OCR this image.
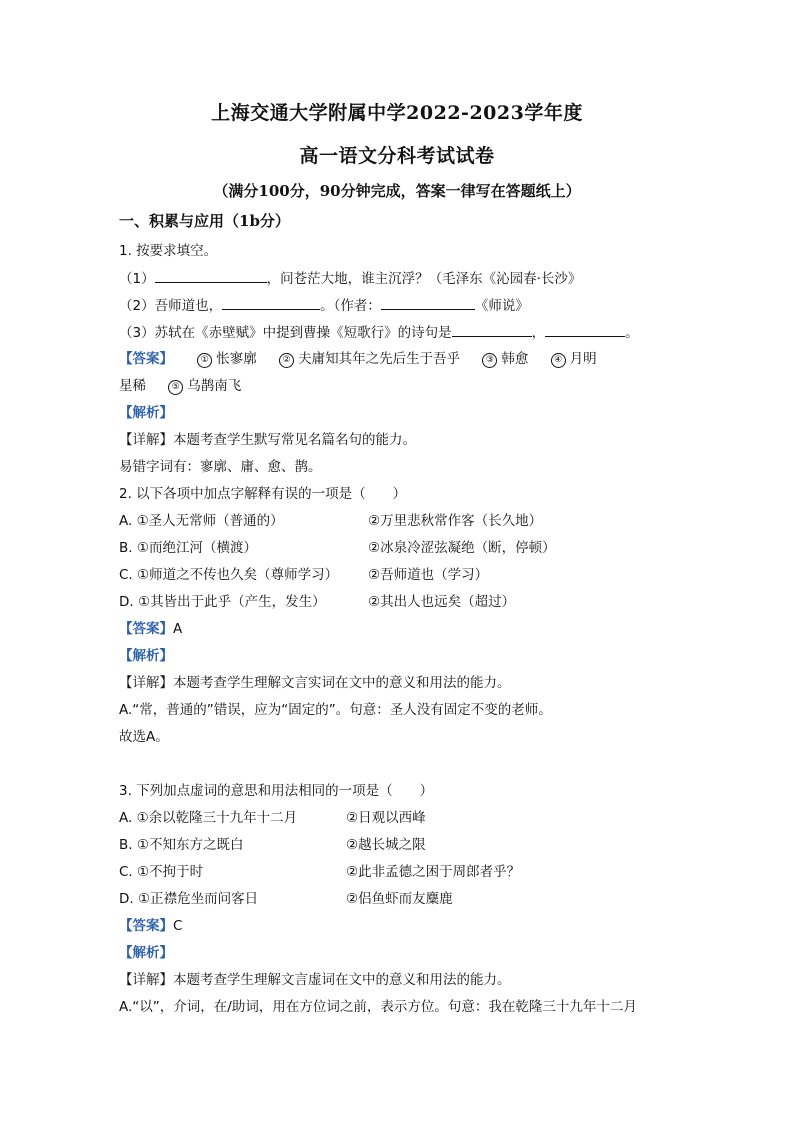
上海交通大学附属中学2022-2023学年度
高一语文分科考试试卷
（满分100分，90分钟完成，答案一律写在答题纸上）
一、积累与应用（1b分）
1. 按要求填空。
（1）	，问苍茫大地，谁主沉浮？（毛泽东《沁园春·长沙》
（2）吾师道也，	。（作者：	《师说》
（3）苏轼在《赤壁赋》中提到曹操《短歌行》的诗句是	，	。
【答案】	① 怅寥廓	② 夫庸知其年之先后生于吾乎	③ 韩愈	④ 月明
星稀	⑤ 乌鹊南飞
【解析】
【详解】本题考查学生默写常见名篇名句的能力。
易错字词有：寥廓、庸、愈、鹊。
2. 以下各项中加点字解释有误的一项是（　　）
A. ①圣人无常师（普通的）	②万里悲秋常作客（长久地）
B. ①而绝江河（横渡）	②冰泉冷涩弦凝绝（断，停顿）
C. ①师道之不传也久矣（尊师学习） ②吾师道也（学习）
D. ①其皆出于此乎（产生，发生）	②其出人也远矣（超过）
【答案】A
【解析】
【详解】本题考查学生理解文言实词在文中的意义和用法的能力。
A.“常，普通的”错误，应为“固定的”。句意：圣人没有固定不变的老师。
故选A。
3. 下列加点虚词的意思和用法相同的一项是（　　）
A. ①余以乾隆三十九年十二月	②日观以西峰
B. ①不知东方之既白	②越长城之限
C. ①不拘于时	②此非孟德之困于周郎者乎？
D. ①正襟危坐而问客日	②侣鱼虾而友麋鹿
【答案】C
【解析】
【详解】本题考查学生理解文言虚词在文中的意义和用法的能力。
A.“以”，介词，在/助词，用在方位词之前，表示方位。句意：我在乾隆三十九年十二月
